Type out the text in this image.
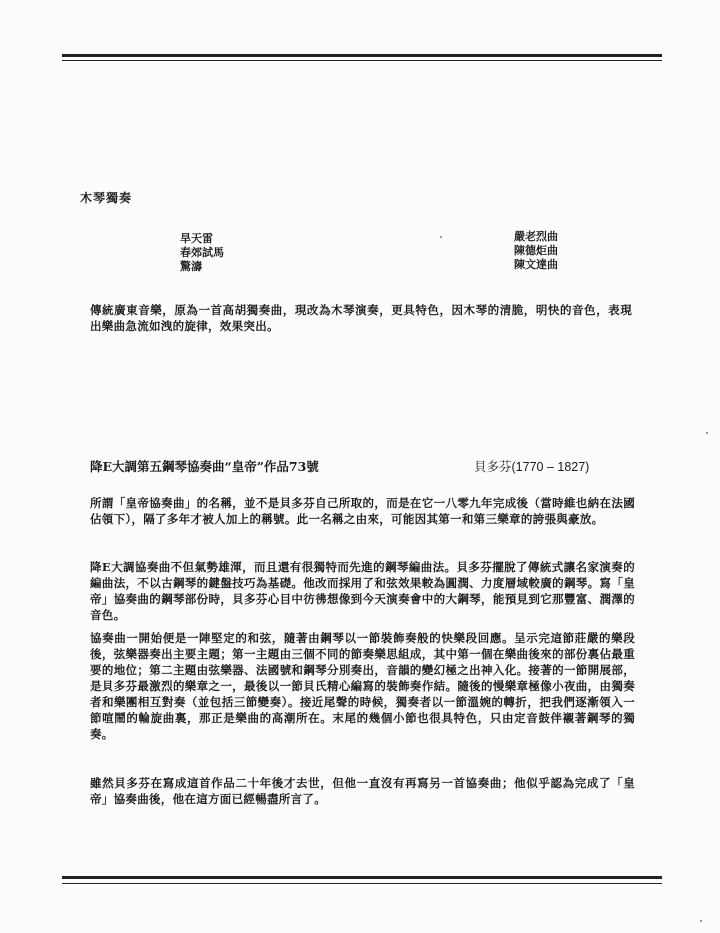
木琴獨奏
旱天雷
春郊試馬
驚濤
嚴老烈曲
陳德炬曲
陳文達曲
傳統廣東音樂，原為一首高胡獨奏曲，現改為木琴演奏，更具特色，因木琴的清脆，明快的音色，表現出樂曲急流如洩的旋律，效果突出。
降E大調第五鋼琴協奏曲“皇帝”作品73號	貝多芬(1770 – 1827)
所謂「皇帝協奏曲」的名稱，並不是貝多芬自己所取的，而是在它一八零九年完成後（當時維也納在法國佔領下），隔了多年才被人加上的稱號。此一名稱之由來，可能因其第一和第三樂章的誇張與豪放。
降E大調協奏曲不但氣勢雄渾，而且還有很獨特而先進的鋼琴編曲法。貝多芬擺脫了傳統式讓名家演奏的編曲法，不以古鋼琴的鍵盤技巧為基礎。他改而採用了和弦效果較為圓潤、力度層域較廣的鋼琴。寫「皇帝」協奏曲的鋼琴部份時，貝多芬心目中彷彿想像到今天演奏會中的大鋼琴，能預見到它那豐富、潤澤的音色。
協奏曲一開始便是一陣堅定的和弦，隨著由鋼琴以一節裝飾奏般的快樂段回應。呈示完這節莊嚴的樂段後，弦樂器奏出主要主題；第一主題由三個不同的節奏樂思組成，其中第一個在樂曲後來的部份裏佔最重要的地位；第二主題由弦樂器、法國號和鋼琴分別奏出，音韻的變幻極之出神入化。接著的一節開展部，是貝多芬最激烈的樂章之一，最後以一節貝氏精心編寫的裝飾奏作結。隨後的慢樂章極像小夜曲，由獨奏者和樂團相互對奏（並包括三節變奏）。接近尾聲的時候，獨奏者以一節溫婉的轉折，把我們逐漸領入一節喧鬧的輪旋曲裏，那正是樂曲的高潮所在。末尾的幾個小節也很具特色，只由定音鼓伴襯著鋼琴的獨奏。
雖然貝多芬在寫成這首作品二十年後才去世，但他一直沒有再寫另一首協奏曲；他似乎認為完成了「皇帝」協奏曲後，他在這方面已經暢盡所言了。
